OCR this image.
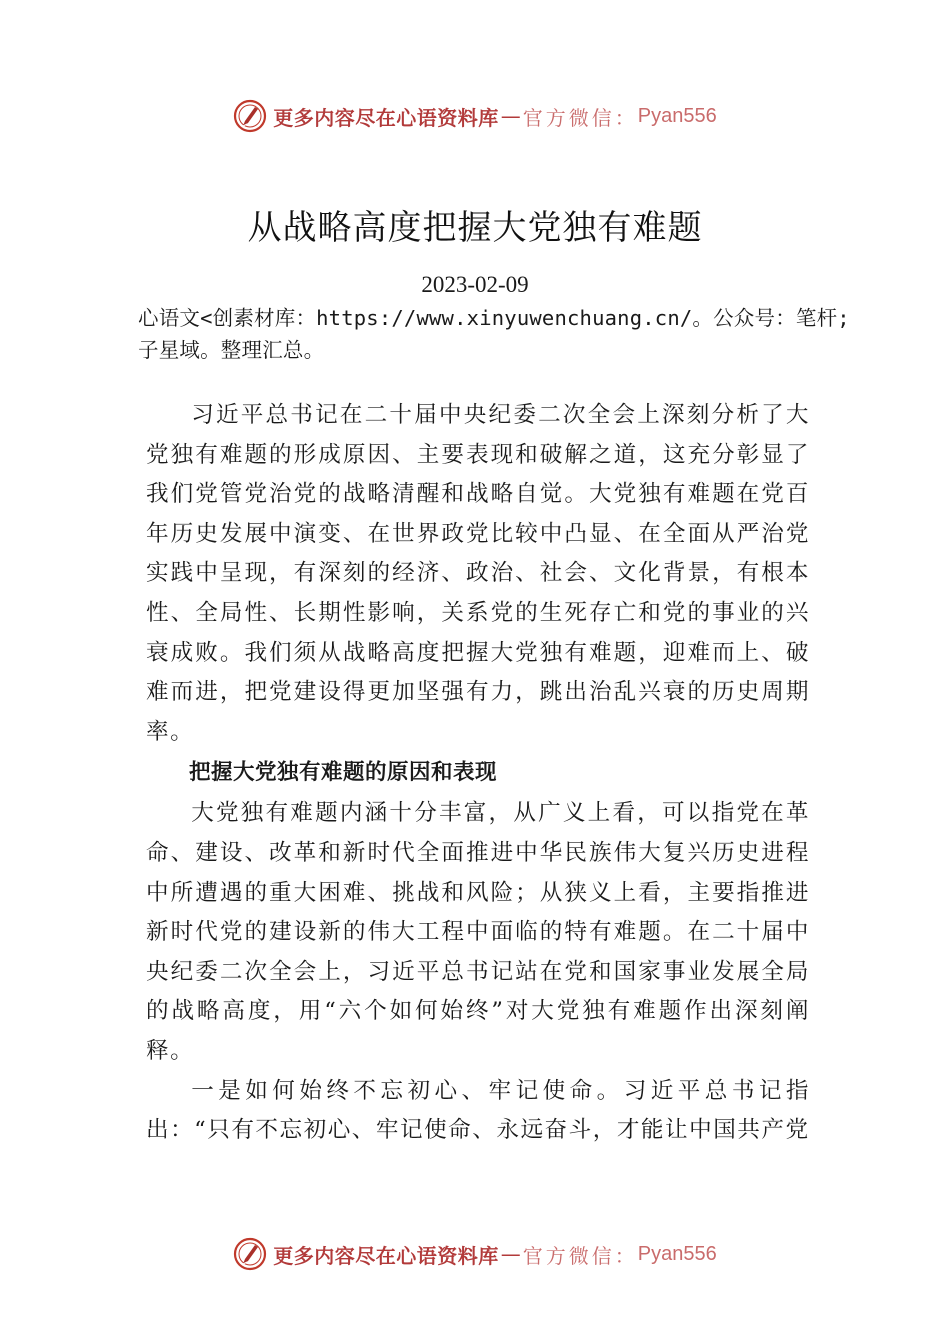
更多内容尽在心语资料库 — 官方微信： Pyan556
从战略高度把握大党独有难题
2023-02-09
心语文<创素材库：https://www.xinyuwenchuang.cn/。公众号：笔杆;子星域。整理汇总。

习近平总书记在二十届中央纪委二次全会上深刻分析了大党独有难题的形成原因、主要表现和破解之道，这充分彰显了我们党管党治党的战略清醒和战略自觉。大党独有难题在党百年历史发展中演变、在世界政党比较中凸显、在全面从严治党实践中呈现，有深刻的经济、政治、社会、文化背景，有根本性、全局性、长期性影响，关系党的生死存亡和党的事业的兴衰成败。我们须从战略高度把握大党独有难题，迎难而上、破难而进，把党建设得更加坚强有力，跳出治乱兴衰的历史周期率。

把握大党独有难题的原因和表现

大党独有难题内涵十分丰富，从广义上看，可以指党在革命、建设、改革和新时代全面推进中华民族伟大复兴历史进程中所遭遇的重大困难、挑战和风险；从狭义上看，主要指推进新时代党的建设新的伟大工程中面临的特有难题。在二十届中央纪委二次全会上，习近平总书记站在党和国家事业发展全局的战略高度，用“六个如何始终”对大党独有难题作出深刻阐释。

一是如何始终不忘初心、牢记使命。习近平总书记指出：“只有不忘初心、牢记使命、永远奋斗，才能让中国共产党

更多内容尽在心语资料库 — 官方微信： Pyan556
